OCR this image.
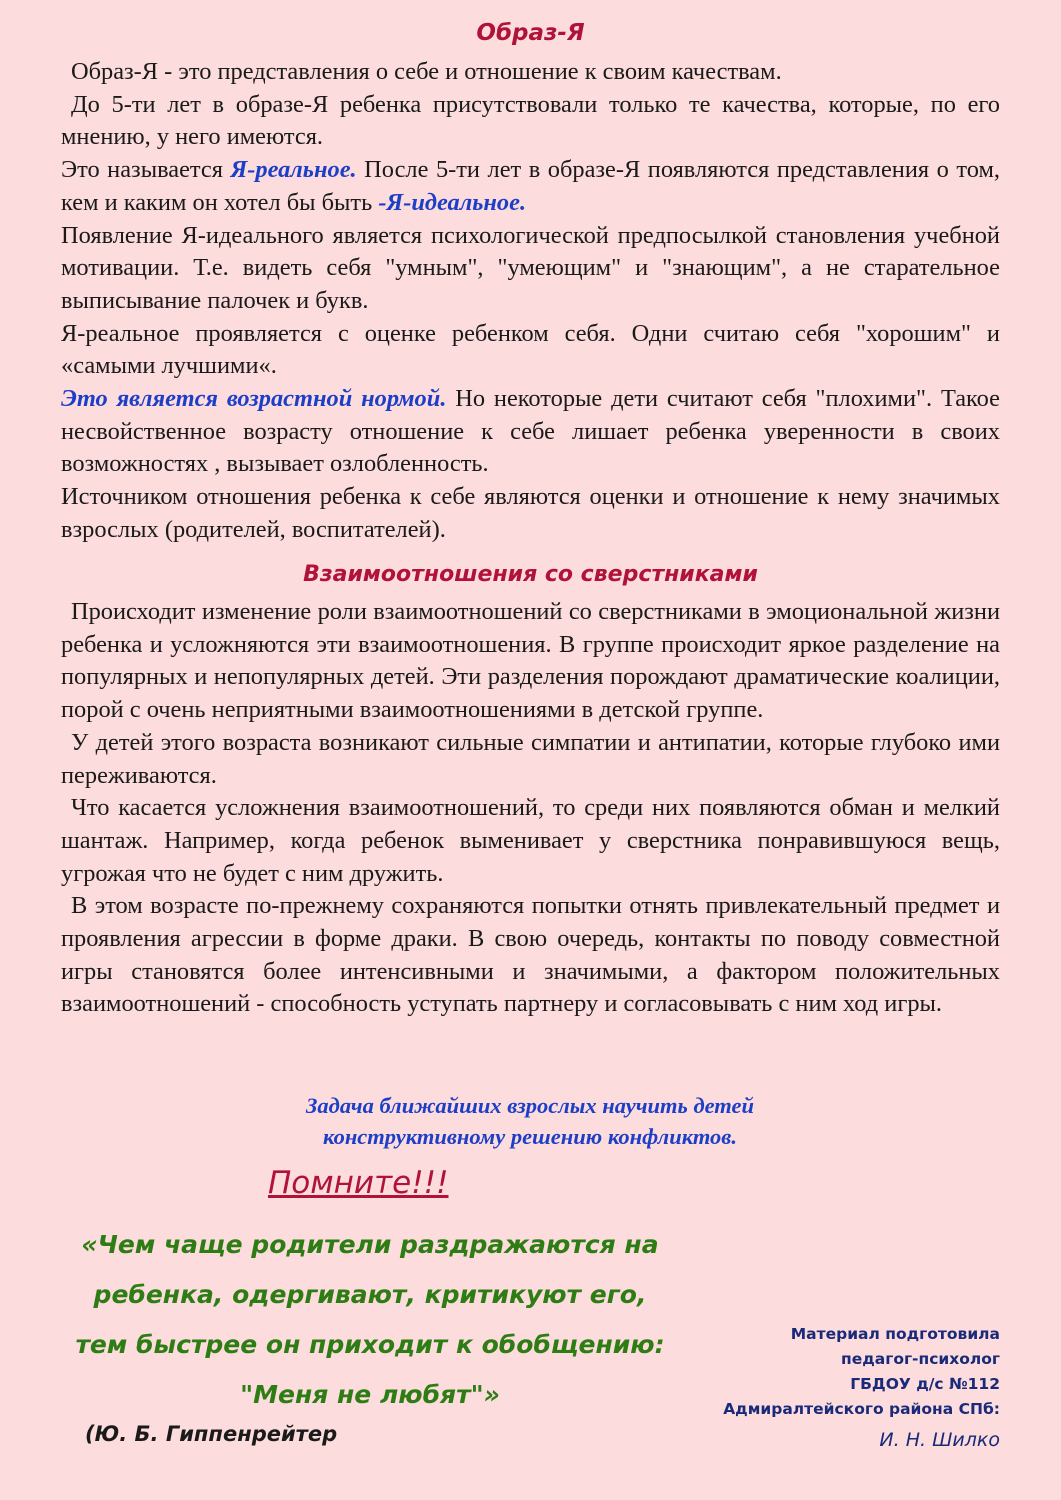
Образ-Я

Образ-Я - это представления о себе и отношение к своим качествам.

До 5-ти лет в образе-Я ребенка присутствовали только те качества, которые, по его мнению, у него имеются.

Это называется Я-реальное. После 5-ти лет в образе-Я появляются представления о том, кем и каким он хотел бы быть -Я-идеальное.

Появление Я-идеального является психологической предпосылкой становления учебной мотивации. Т.е. видеть себя "умным", "умеющим" и "знающим", а не старательное выписывание палочек и букв.

Я-реальное проявляется с оценке ребенком себя. Одни считаю себя "хорошим" и «самыми лучшими«.

Это является возрастной нормой. Но некоторые дети считают себя "плохими". Такое несвойственное возрасту отношение к себе лишает ребенка уверенности в своих возможностях , вызывает озлобленность.

Источником отношения ребенка к себе являются оценки и отношение к нему значимых взрослых (родителей, воспитателей).

Взаимоотношения со сверстниками

Происходит изменение роли взаимоотношений со сверстниками в эмоциональной жизни ребенка и усложняются эти взаимоотношения. В группе происходит яркое разделение на популярных и непопулярных детей. Эти разделения порождают драматические коалиции, порой с очень неприятными взаимоотношениями в детской группе.

У детей этого возраста возникают сильные симпатии и антипатии, которые глубоко ими переживаются.

Что касается усложнения взаимоотношений, то среди них появляются обман и мелкий шантаж. Например, когда ребенок выменивает у сверстника понравившуюся вещь, угрожая что не будет с ним дружить.

В этом возрасте по-прежнему сохраняются попытки отнять привлекательный предмет и проявления агрессии в форме драки. В свою очередь, контакты по поводу совместной игры становятся более интенсивными и значимыми, а фактором положительных взаимоотношений - способность уступать партнеру и согласовывать с ним ход игры.

Задача ближайших взрослых научить детей

конструктивному решению конфликтов.

Помните!!!

«Чем чаще родители раздражаются на

ребенка, одергивают, критикуют его,

тем быстрее он приходит к обобщению:

"Меня не любят"»

(Ю. Б. Гиппенрейтер

Материал подготовила

педагог-психолог

ГБДОУ д/с №112

Адмиралтейского района СПб:

И. Н. Шилко
